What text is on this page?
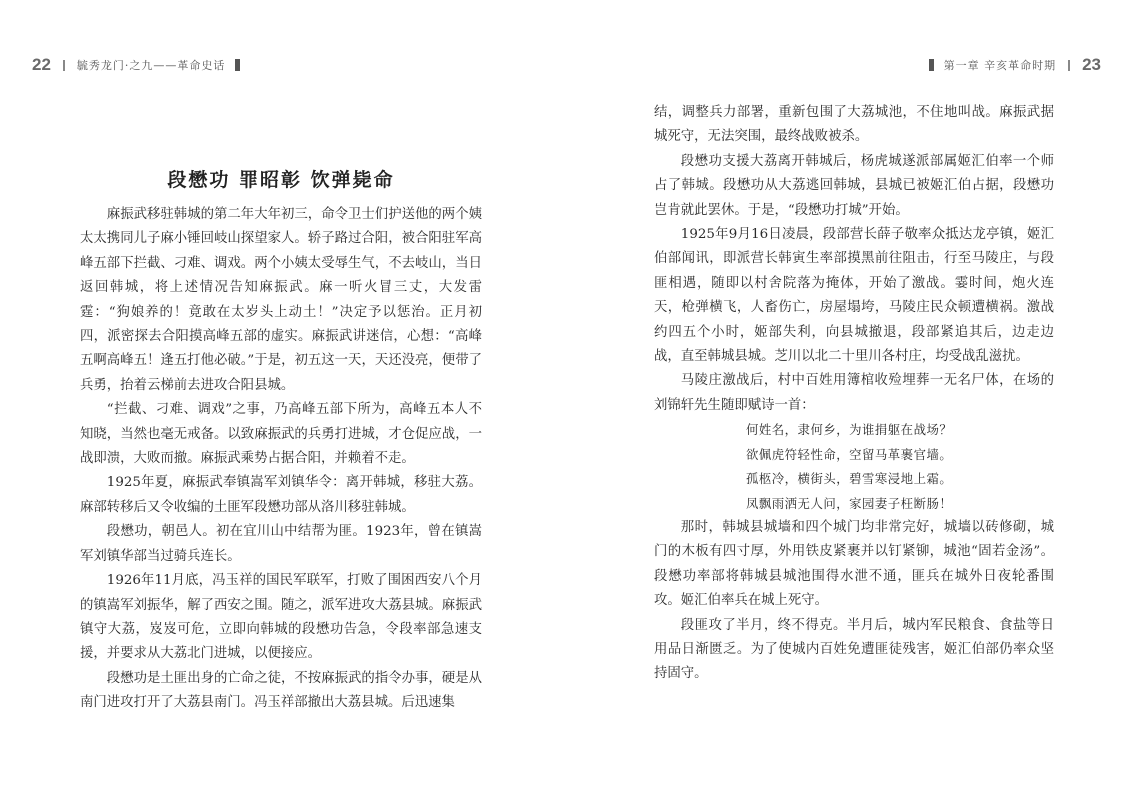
22 毓秀龙门·之九——革命史话	第一章 辛亥革命时期 23
段懋功 罪昭彰 饮弹毙命

麻振武移驻韩城的第二年大年初三，命令卫士们护送他的两个姨太太携同儿子麻小锤回岐山探望家人。轿子路过合阳，被合阳驻军高峰五部下拦截、刁难、调戏。两个小姨太受辱生气，不去岐山，当日返回韩城，将上述情况告知麻振武。麻一听火冒三丈，大发雷霆：“狗娘养的！竟敢在太岁头上动土！”决定予以惩治。正月初四，派密探去合阳摸高峰五部的虚实。麻振武讲迷信，心想：“高峰五啊高峰五！逢五打他必破。”于是，初五这一天，天还没亮，便带了兵勇，抬着云梯前去进攻合阳县城。

“拦截、刁难、调戏”之事，乃高峰五部下所为，高峰五本人不知晓，当然也毫无戒备。以致麻振武的兵勇打进城，才仓促应战，一战即溃，大败而撤。麻振武乘势占据合阳，并赖着不走。

1925年夏，麻振武奉镇嵩军刘镇华令：离开韩城，移驻大荔。麻部转移后又令收编的土匪军段懋功部从洛川移驻韩城。

段懋功，朝邑人。初在宜川山中结帮为匪。1923年，曾在镇嵩军刘镇华部当过骑兵连长。

1926年11月底，冯玉祥的国民军联军，打败了围困西安八个月的镇嵩军刘振华，解了西安之围。随之，派军进攻大荔县城。麻振武镇守大荔，岌岌可危，立即向韩城的段懋功告急，令段率部急速支援，并要求从大荔北门进城，以便接应。

段懋功是土匪出身的亡命之徒，不按麻振武的指令办事，硬是从南门进攻打开了大荔县南门。冯玉祥部撤出大荔县城。后迅速集

结，调整兵力部署，重新包围了大荔城池，不住地叫战。麻振武据城死守，无法突围，最终战败被杀。

段懋功支援大荔离开韩城后，杨虎城遂派部属姬汇伯率一个师占了韩城。段懋功从大荔逃回韩城，县城已被姬汇伯占据，段懋功岂肯就此罢休。于是，“段懋功打城”开始。

1925年9月16日凌晨，段部营长薛子敬率众抵达龙亭镇，姬汇伯部闻讯，即派营长韩寅生率部摸黑前往阻击，行至马陵庄，与段匪相遇，随即以村舍院落为掩体，开始了激战。霎时间，炮火连天，枪弹横飞，人畜伤亡，房屋塌垮，马陵庄民众顿遭横祸。激战约四五个小时，姬部失利，向县城撤退，段部紧追其后，边走边战，直至韩城县城。芝川以北二十里川各村庄，均受战乱滋扰。

马陵庄激战后，村中百姓用簿棺收殓埋葬一无名尸体，在场的刘锦轩先生随即赋诗一首：

何姓名，隶何乡，为谁捐躯在战场？

欲佩虎符轻性命，空留马革裹官墙。

孤柩冷，横街头，碧雪寒浸地上霜。

凤飘雨洒无人问，家园妻子枉断肠！

那时，韩城县城墙和四个城门均非常完好，城墙以砖修砌，城门的木板有四寸厚，外用铁皮紧裹并以钉紧铆，城池“固若金汤”。段懋功率部将韩城县城池围得水泄不通，匪兵在城外日夜轮番围攻。姬汇伯率兵在城上死守。

段匪攻了半月，终不得克。半月后，城内军民粮食、食盐等日用品日渐匮乏。为了使城内百姓免遭匪徒残害，姬汇伯部仍率众坚持固守。
